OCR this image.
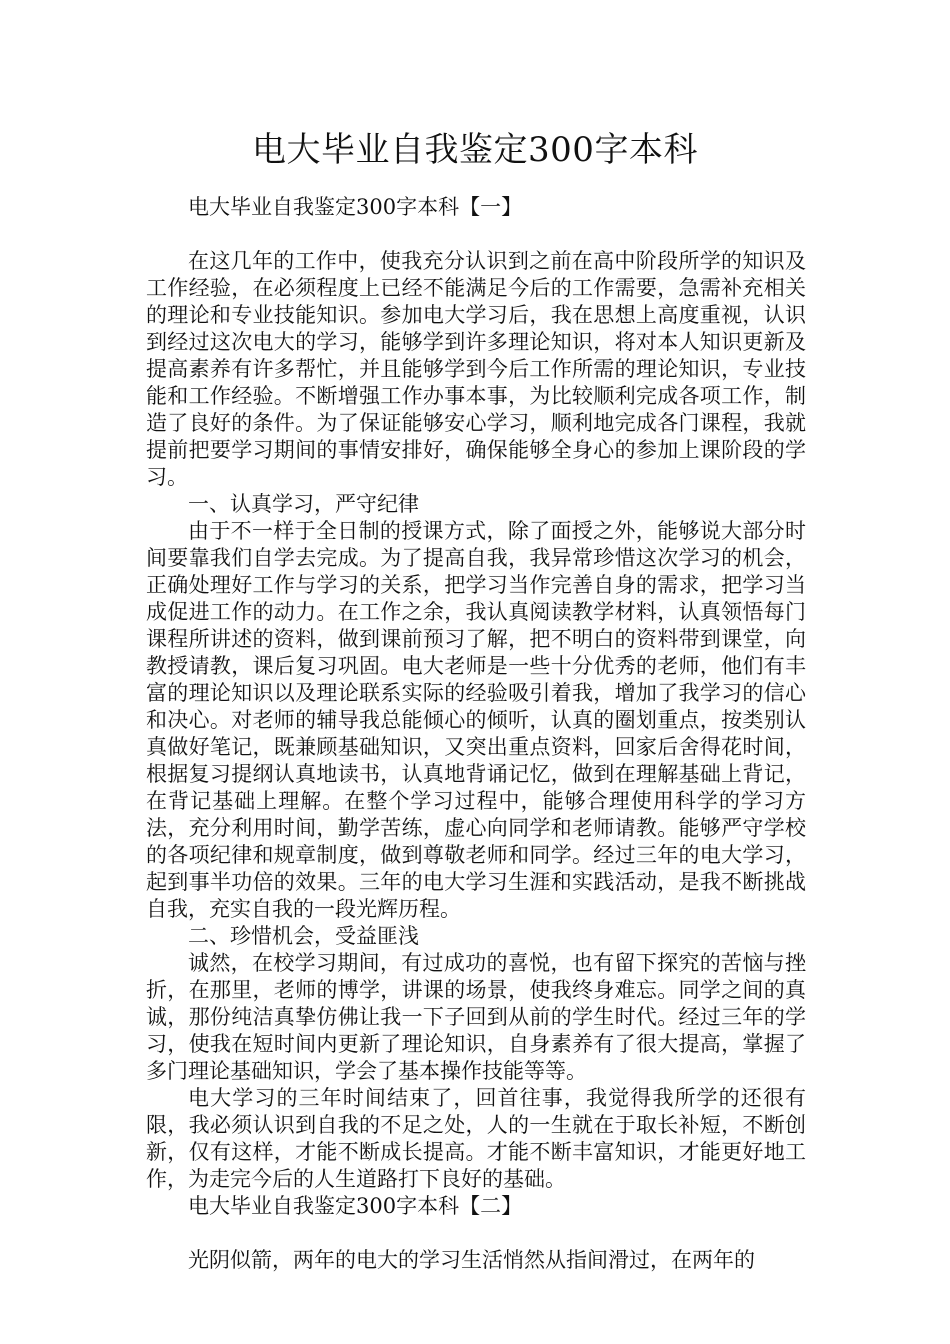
电大毕业自我鉴定300字本科

电大毕业自我鉴定300字本科【一】

在这几年的工作中，使我充分认识到之前在高中阶段所学的知识及工作经验，在必须程度上已经不能满足今后的工作需要，急需补充相关的理论和专业技能知识。参加电大学习后，我在思想上高度重视，认识到经过这次电大的学习，能够学到许多理论知识，将对本人知识更新及提高素养有许多帮忙，并且能够学到今后工作所需的理论知识，专业技能和工作经验。不断增强工作办事本事，为比较顺利完成各项工作，制造了良好的条件。为了保证能够安心学习，顺利地完成各门课程，我就提前把要学习期间的事情安排好，确保能够全身心的参加上课阶段的学习。

一、认真学习，严守纪律

由于不一样于全日制的授课方式，除了面授之外，能够说大部分时间要靠我们自学去完成。为了提高自我，我异常珍惜这次学习的机会，正确处理好工作与学习的关系，把学习当作完善自身的需求，把学习当成促进工作的动力。在工作之余，我认真阅读教学材料，认真领悟每门课程所讲述的资料，做到课前预习了解，把不明白的资料带到课堂，向教授请教，课后复习巩固。电大老师是一些十分优秀的老师，他们有丰富的理论知识以及理论联系实际的经验吸引着我，增加了我学习的信心和决心。对老师的辅导我总能倾心的倾听，认真的圈划重点，按类别认真做好笔记，既兼顾基础知识，又突出重点资料，回家后舍得花时间，根据复习提纲认真地读书，认真地背诵记忆，做到在理解基础上背记，在背记基础上理解。在整个学习过程中，能够合理使用科学的学习方法，充分利用时间，勤学苦练，虚心向同学和老师请教。能够严守学校的各项纪律和规章制度，做到尊敬老师和同学。经过三年的电大学习，起到事半功倍的效果。三年的电大学习生涯和实践活动，是我不断挑战自我，充实自我的一段光辉历程。

二、珍惜机会，受益匪浅

诚然，在校学习期间，有过成功的喜悦，也有留下探究的苦恼与挫折，在那里，老师的博学，讲课的场景，使我终身难忘。同学之间的真诚，那份纯洁真挚仿佛让我一下子回到从前的学生时代。经过三年的学习，使我在短时间内更新了理论知识，自身素养有了很大提高，掌握了多门理论基础知识，学会了基本操作技能等等。

电大学习的三年时间结束了，回首往事，我觉得我所学的还很有限，我必须认识到自我的不足之处，人的一生就在于取长补短，不断创新，仅有这样，才能不断成长提高。才能不断丰富知识，才能更好地工作，为走完今后的人生道路打下良好的基础。

电大毕业自我鉴定300字本科【二】

光阴似箭，两年的电大的学习生活悄然从指间滑过，在两年的
